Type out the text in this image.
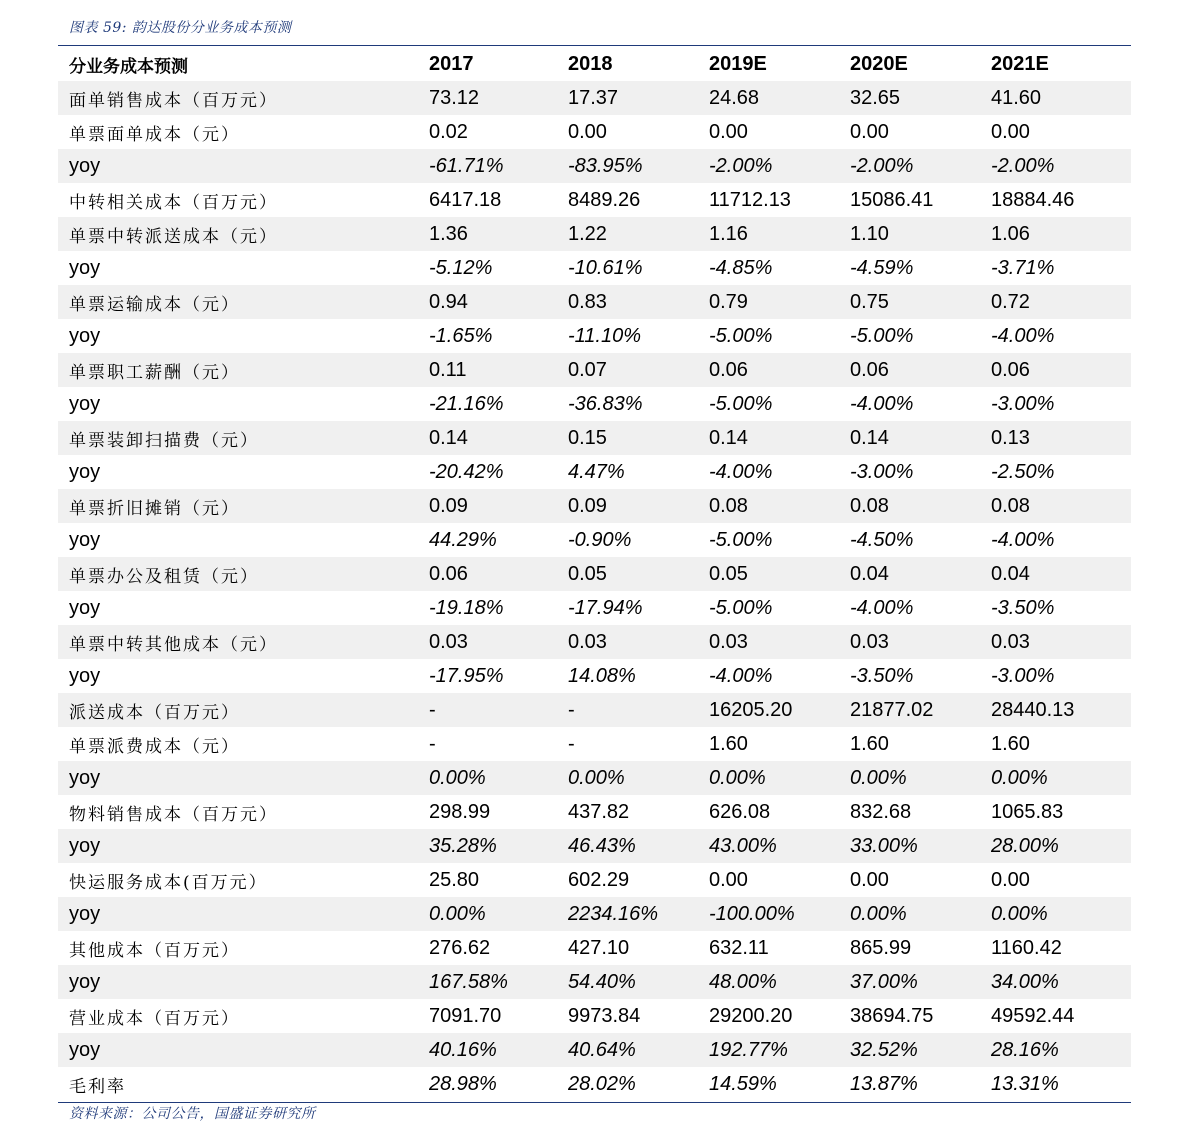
图表 59: 韵达股份分业务成本预测
分业务成本预测	2017	2018	2019E	2020E	2021E
面单销售成本（百万元）	73.12	17.37	24.68	32.65	41.60
单票面单成本（元）	0.02	0.00	0.00	0.00	0.00
yoy	-61.71%	-83.95%	-2.00%	-2.00%	-2.00%
中转相关成本（百万元）	6417.18	8489.26	11712.13	15086.41	18884.46
单票中转派送成本（元）	1.36	1.22	1.16	1.10	1.06
yoy	-5.12%	-10.61%	-4.85%	-4.59%	-3.71%
单票运输成本（元）	0.94	0.83	0.79	0.75	0.72
yoy	-1.65%	-11.10%	-5.00%	-5.00%	-4.00%
单票职工薪酬（元）	0.11	0.07	0.06	0.06	0.06
yoy	-21.16%	-36.83%	-5.00%	-4.00%	-3.00%
单票装卸扫描费（元）	0.14	0.15	0.14	0.14	0.13
yoy	-20.42%	4.47%	-4.00%	-3.00%	-2.50%
单票折旧摊销（元）	0.09	0.09	0.08	0.08	0.08
yoy	44.29%	-0.90%	-5.00%	-4.50%	-4.00%
单票办公及租赁（元）	0.06	0.05	0.05	0.04	0.04
yoy	-19.18%	-17.94%	-5.00%	-4.00%	-3.50%
单票中转其他成本（元）	0.03	0.03	0.03	0.03	0.03
yoy	-17.95%	14.08%	-4.00%	-3.50%	-3.00%
派送成本（百万元）	-	-	16205.20	21877.02	28440.13
单票派费成本（元）	-	-	1.60	1.60	1.60
yoy	0.00%	0.00%	0.00%	0.00%	0.00%
物料销售成本（百万元）	298.99	437.82	626.08	832.68	1065.83
yoy	35.28%	46.43%	43.00%	33.00%	28.00%
快运服务成本(百万元）	25.80	602.29	0.00	0.00	0.00
yoy	0.00%	2234.16%	-100.00%	0.00%	0.00%
其他成本（百万元）	276.62	427.10	632.11	865.99	1160.42
yoy	167.58%	54.40%	48.00%	37.00%	34.00%
营业成本（百万元）	7091.70	9973.84	29200.20	38694.75	49592.44
yoy	40.16%	40.64%	192.77%	32.52%	28.16%
毛利率	28.98%	28.02%	14.59%	13.87%	13.31%
资料来源：公司公告，国盛证券研究所
